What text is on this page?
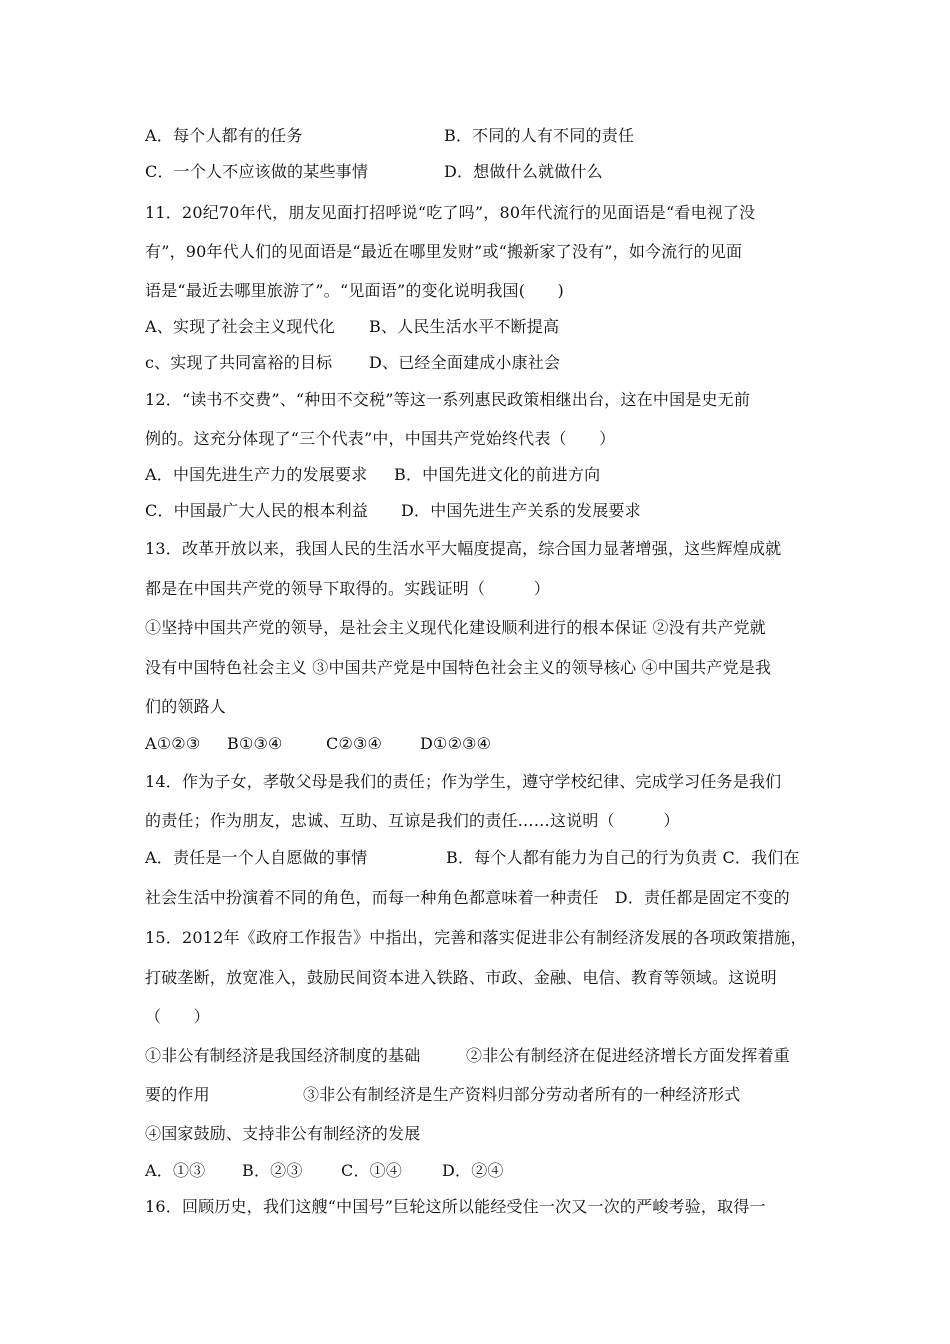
A．每个人都有的任务	B．不同的人有不同的责任
C．一个人不应该做的某些事情	D．想做什么就做什么
11．20纪70年代，朋友见面打招呼说“吃了吗”，80年代流行的见面语是“看电视了没
有”，90年代人们的见面语是“最近在哪里发财”或“搬新家了没有”，如今流行的见面
语是“最近去哪里旅游了”。“见面语”的变化说明我国(　　)
A、实现了社会主义现代化 B、人民生活水平不断提高
c、实现了共同富裕的目标 D、已经全面建成小康社会
12．“读书不交费”、“种田不交税”等这一系列惠民政策相继出台，这在中国是史无前
例的。这充分体现了“三个代表”中，中国共产党始终代表（　　）
A．中国先进生产力的发展要求 B．中国先进文化的前进方向
C．中国最广大人民的根本利益 D．中国先进生产关系的发展要求
13．改革开放以来，我国人民的生活水平大幅度提高，综合国力显著增强，这些辉煌成就
都是在中国共产党的领导下取得的。实践证明（　　　）
①坚持中国共产党的领导，是社会主义现代化建设顺利进行的根本保证 ②没有共产党就
没有中国特色社会主义 ③中国共产党是中国特色社会主义的领导核心 ④中国共产党是我
们的领路人
A①②③ B①③④	C②③④ D①②③④
14．作为子女，孝敬父母是我们的责任；作为学生，遵守学校纪律、完成学习任务是我们
的责任；作为朋友，忠诚、互助、互谅是我们的责任……这说明（　　　）
A．责任是一个人自愿做的事情	B．每个人都有能力为自己的行为负责 C．我们在
社会生活中扮演着不同的角色，而每一种角色都意味着一种责任　D．责任都是固定不变的
15．2012年《政府工作报告》中指出，完善和落实促进非公有制经济发展的各项政策措施，
打破垄断，放宽准入，鼓励民间资本进入铁路、市政、金融、电信、教育等领域。这说明
（　　）
①非公有制经济是我国经济制度的基础	②非公有制经济在促进经济增长方面发挥着重
要的作用	③非公有制经济是生产资料归部分劳动者所有的一种经济形式
④国家鼓励、支持非公有制经济的发展
A．①③ B．②③ C．①④ D．②④
16．回顾历史，我们这艘“中国号”巨轮这所以能经受住一次又一次的严峻考验，取得一
